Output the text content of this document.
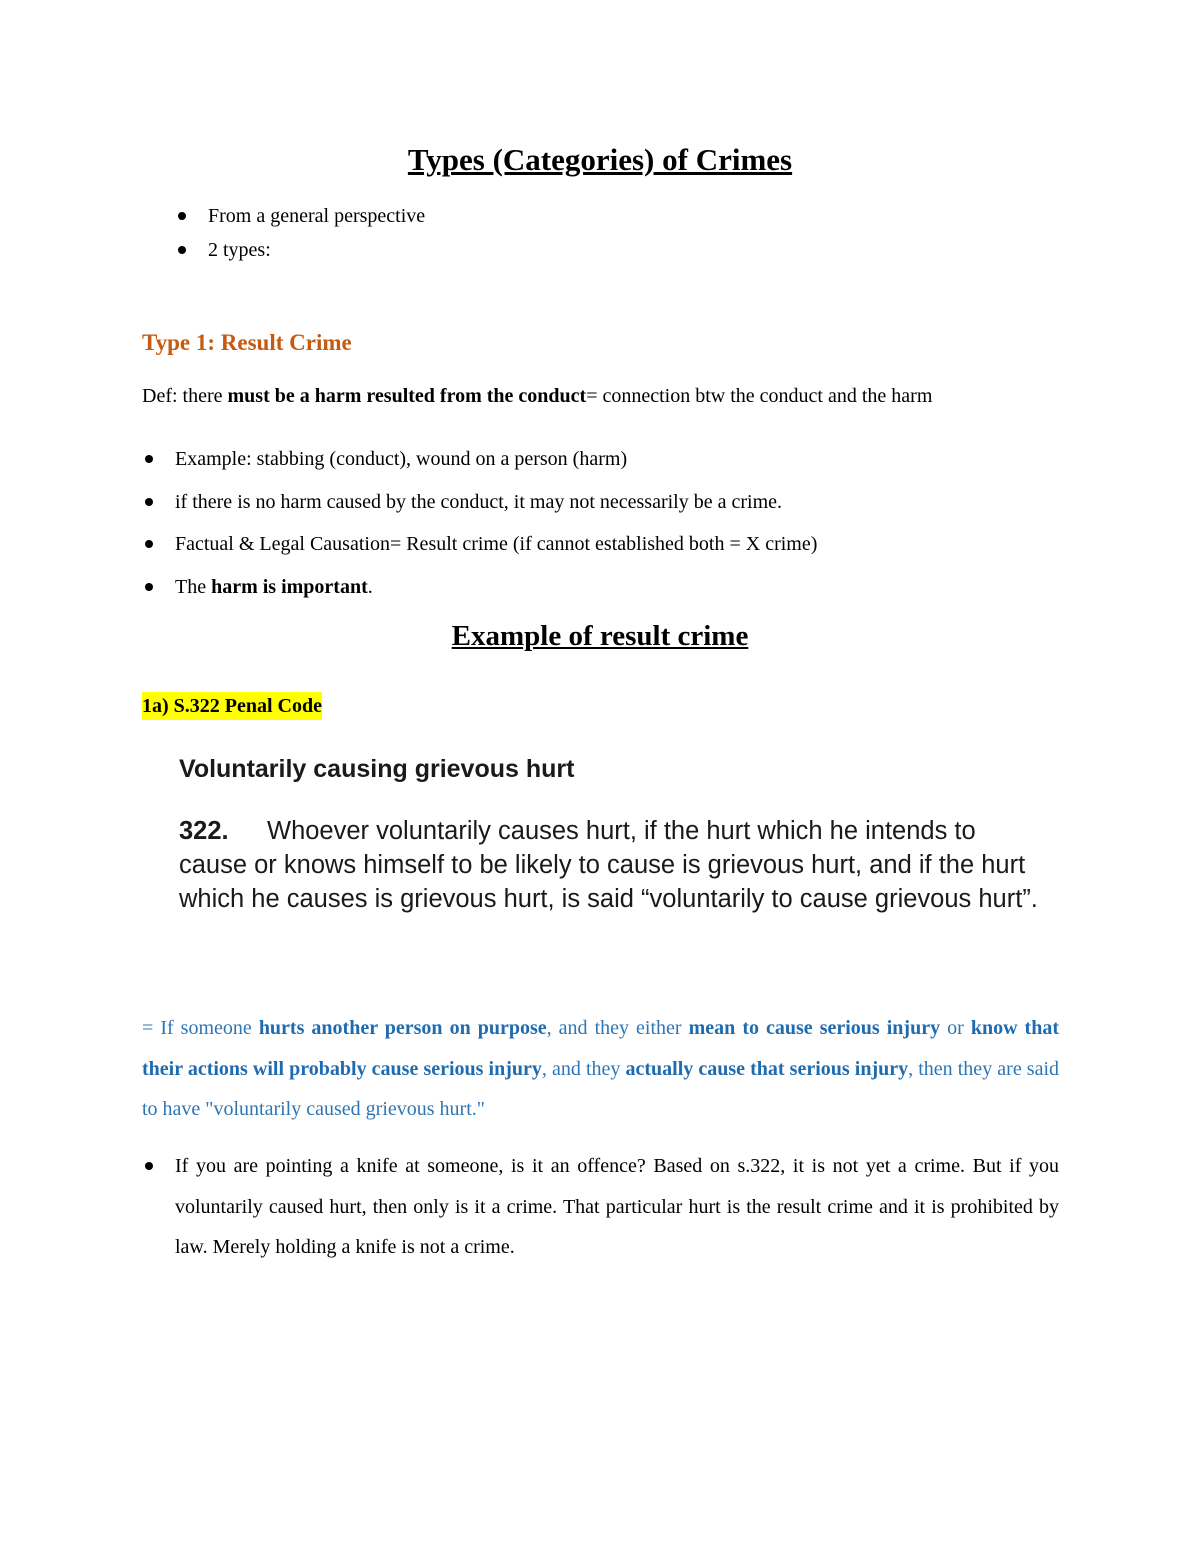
Types (Categories) of Crimes
From a general perspective
2 types:
Type 1: Result Crime

Def: there must be a harm resulted from the conduct= connection btw the conduct and the harm

Example: stabbing (conduct), wound on a person (harm)
if there is no harm caused by the conduct, it may not necessarily be a crime.
Factual & Legal Causation= Result crime (if cannot established both = X crime)
The harm is important.
Example of result crime

1a) S.322 Penal Code

Voluntarily causing grievous hurt

322. Whoever voluntarily causes hurt, if the hurt which he intends to cause or knows himself to be likely to cause is grievous hurt, and if the hurt which he causes is grievous hurt, is said “voluntarily to cause grievous hurt”.

= If someone hurts another person on purpose, and they either mean to cause serious injury or know that their actions will probably cause serious injury, and they actually cause that serious injury, then they are said to have "voluntarily caused grievous hurt."

If you are pointing a knife at someone, is it an offence? Based on s.322, it is not yet a crime. But if you voluntarily caused hurt, then only is it a crime. That particular hurt is the result crime and it is prohibited by law. Merely holding a knife is not a crime.
